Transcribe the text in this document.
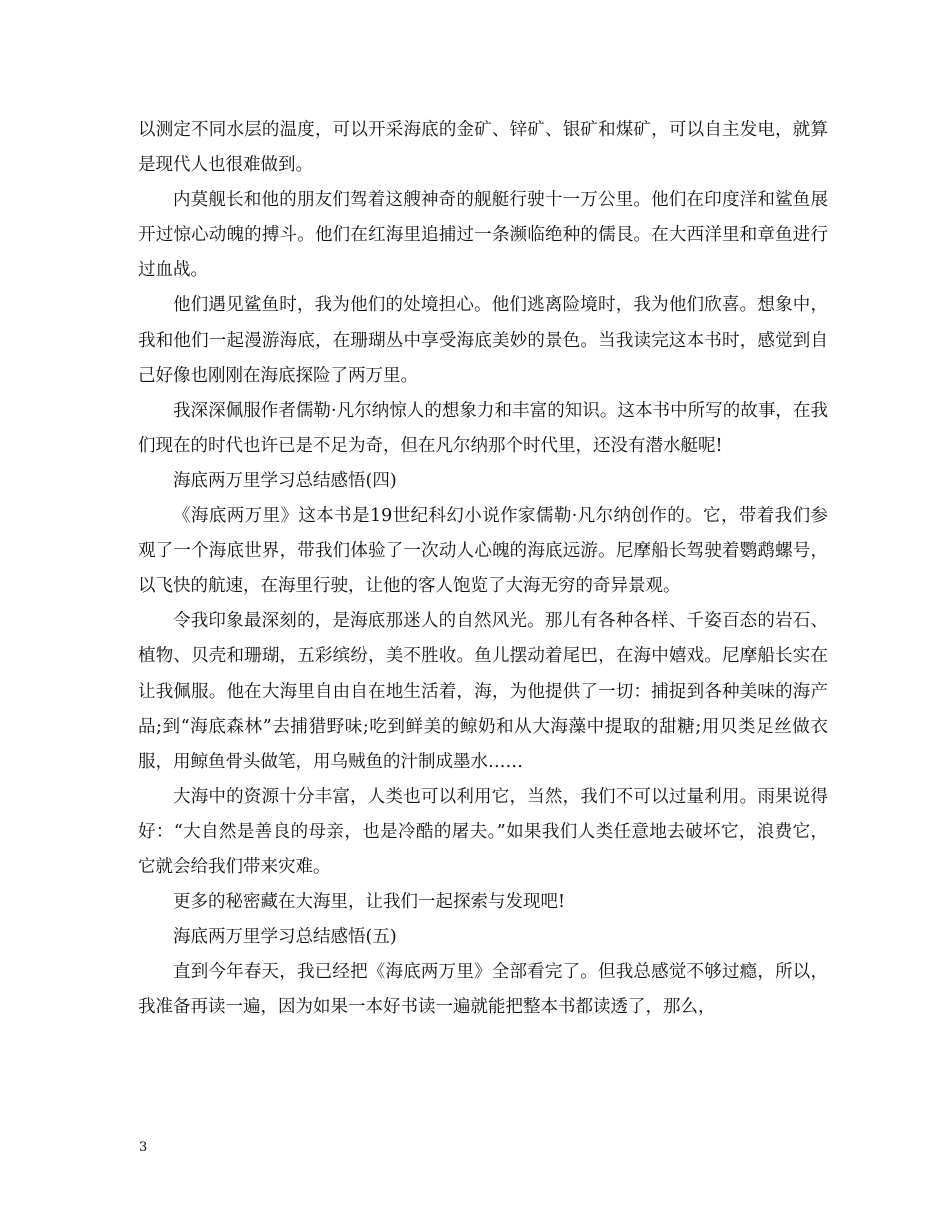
以测定不同水层的温度，可以开采海底的金矿、锌矿、银矿和煤矿，可以自主发电，就算是现代人也很难做到。

内莫舰长和他的朋友们驾着这艘神奇的舰艇行驶十一万公里。他们在印度洋和鲨鱼展开过惊心动魄的搏斗。他们在红海里追捕过一条濒临绝种的儒艮。在大西洋里和章鱼进行过血战。

他们遇见鲨鱼时，我为他们的处境担心。他们逃离险境时，我为他们欣喜。想象中，我和他们一起漫游海底，在珊瑚丛中享受海底美妙的景色。当我读完这本书时，感觉到自己好像也刚刚在海底探险了两万里。

我深深佩服作者儒勒·凡尔纳惊人的想象力和丰富的知识。这本书中所写的故事，在我们现在的时代也许已是不足为奇，但在凡尔纳那个时代里，还没有潜水艇呢!

海底两万里学习总结感悟(四)

《海底两万里》这本书是19世纪科幻小说作家儒勒·凡尔纳创作的。它，带着我们参观了一个海底世界，带我们体验了一次动人心魄的海底远游。尼摩船长驾驶着鹦鹉螺号，以飞快的航速，在海里行驶，让他的客人饱览了大海无穷的奇异景观。

令我印象最深刻的，是海底那迷人的自然风光。那儿有各种各样、千姿百态的岩石、植物、贝壳和珊瑚，五彩缤纷，美不胜收。鱼儿摆动着尾巴，在海中嬉戏。尼摩船长实在让我佩服。他在大海里自由自在地生活着，海，为他提供了一切：捕捉到各种美味的海产品;到“海底森林”去捕猎野味;吃到鲜美的鲸奶和从大海藻中提取的甜糖;用贝类足丝做衣服，用鲸鱼骨头做笔，用乌贼鱼的汁制成墨水……

大海中的资源十分丰富，人类也可以利用它，当然，我们不可以过量利用。雨果说得好：“大自然是善良的母亲，也是冷酷的屠夫。”如果我们人类任意地去破坏它，浪费它，它就会给我们带来灾难。

更多的秘密藏在大海里，让我们一起探索与发现吧!

海底两万里学习总结感悟(五)

直到今年春天，我已经把《海底两万里》全部看完了。但我总感觉不够过瘾，所以，我准备再读一遍，因为如果一本好书读一遍就能把整本书都读透了，那么，

3
